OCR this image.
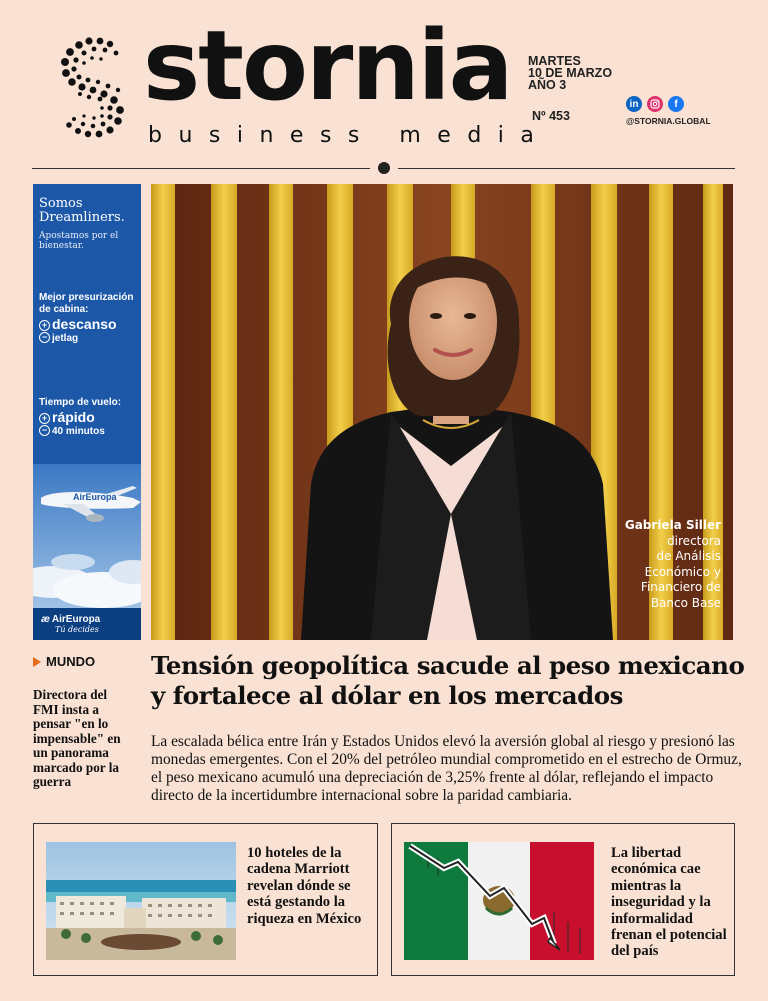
stornia
business media
MARTES
10 DE MARZO
AÑO 3
Nº 453
in	f
@STORNIA.GLOBAL
Somos Dreamliners.
Apostamos por el bienestar.
Mejor presurización de cabina:
+ descanso
− jetlag
Tiempo de vuelo:
+ rápido
− 40 minutos
AirEuropa
æ AirEuropa
Tú decides
Gabriela Siller
directora
de Análisis
Económico y
Financiero de
Banco Base
MUNDO
Directora del FMI insta a pensar "en lo impensable" en un panorama marcado por la guerra
Tensión geopolítica sacude al peso mexicano y fortalece al dólar en los mercados
La escalada bélica entre Irán y Estados Unidos elevó la aversión global al riesgo y presionó las monedas emergentes. Con el 20% del petróleo mundial comprometido en el estrecho de Ormuz, el peso mexicano acumuló una depreciación de 3,25% frente al dólar, reflejando el impacto directo de la incertidumbre internacional sobre la paridad cambiaria.
10 hoteles de la cadena Marriott revelan dónde se está gestando la riqueza en México
La libertad económica cae mientras la inseguridad y la informalidad frenan el potencial del país
